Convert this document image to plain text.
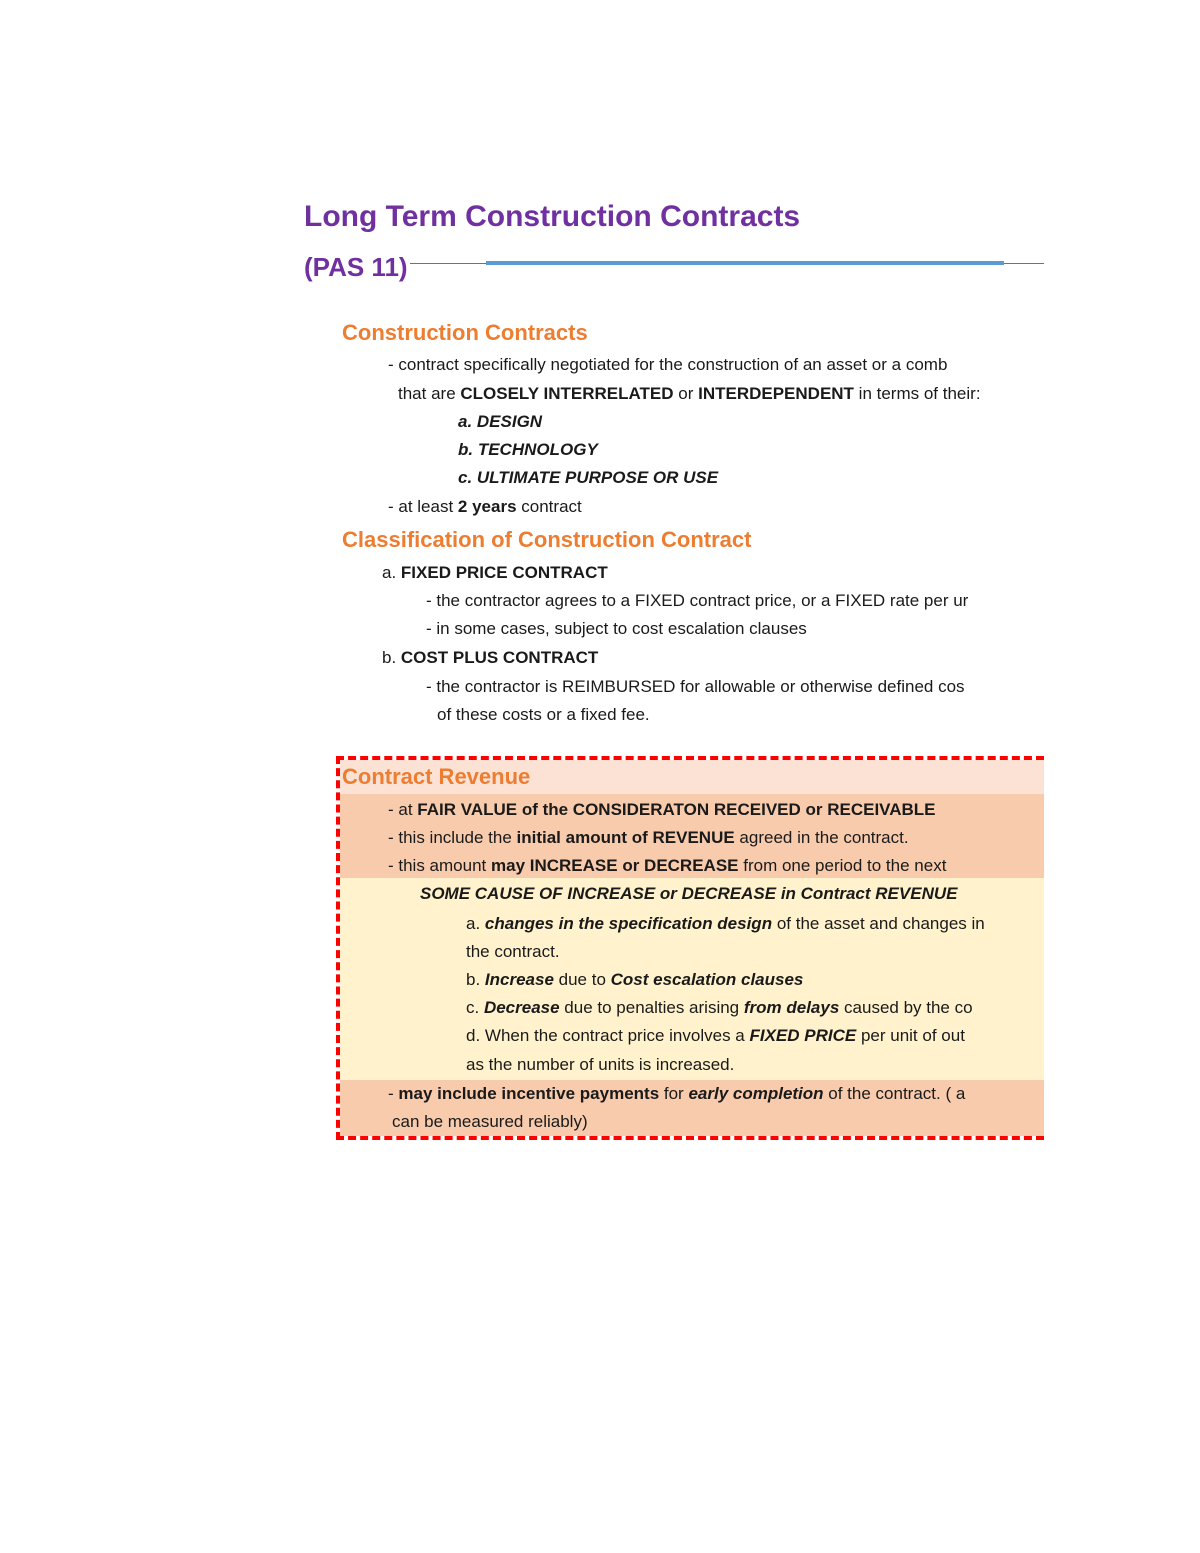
Long Term Construction Contracts
(PAS 11)
Construction Contracts
- contract specifically negotiated for the construction of an asset or a comb
that are CLOSELY INTERRELATED or INTERDEPENDENT in terms of their:
a. DESIGN
b. TECHNOLOGY
c. ULTIMATE PURPOSE OR USE
- at least 2 years contract
Classification of Construction Contract
a. FIXED PRICE CONTRACT
- the contractor agrees to a FIXED contract price, or a FIXED rate per ur
- in some cases, subject to cost escalation clauses
b. COST PLUS CONTRACT
- the contractor is REIMBURSED for allowable or otherwise defined cos
of these costs or a fixed fee.
Contract Revenue
- at FAIR VALUE of the CONSIDERATON RECEIVED or RECEIVABLE
- this include the initial amount of REVENUE agreed in the contract.
- this amount may INCREASE or DECREASE from one period to the next
SOME CAUSE OF INCREASE or DECREASE in Contract REVENUE
a. changes in the specification design of the asset and changes in
the contract.
b. Increase due to Cost escalation clauses
c. Decrease due to penalties arising from delays caused by the co
d. When the contract price involves a FIXED PRICE per unit of out
as the number of units is increased.
- may include incentive payments for early completion of the contract. ( a
can be measured reliably)
